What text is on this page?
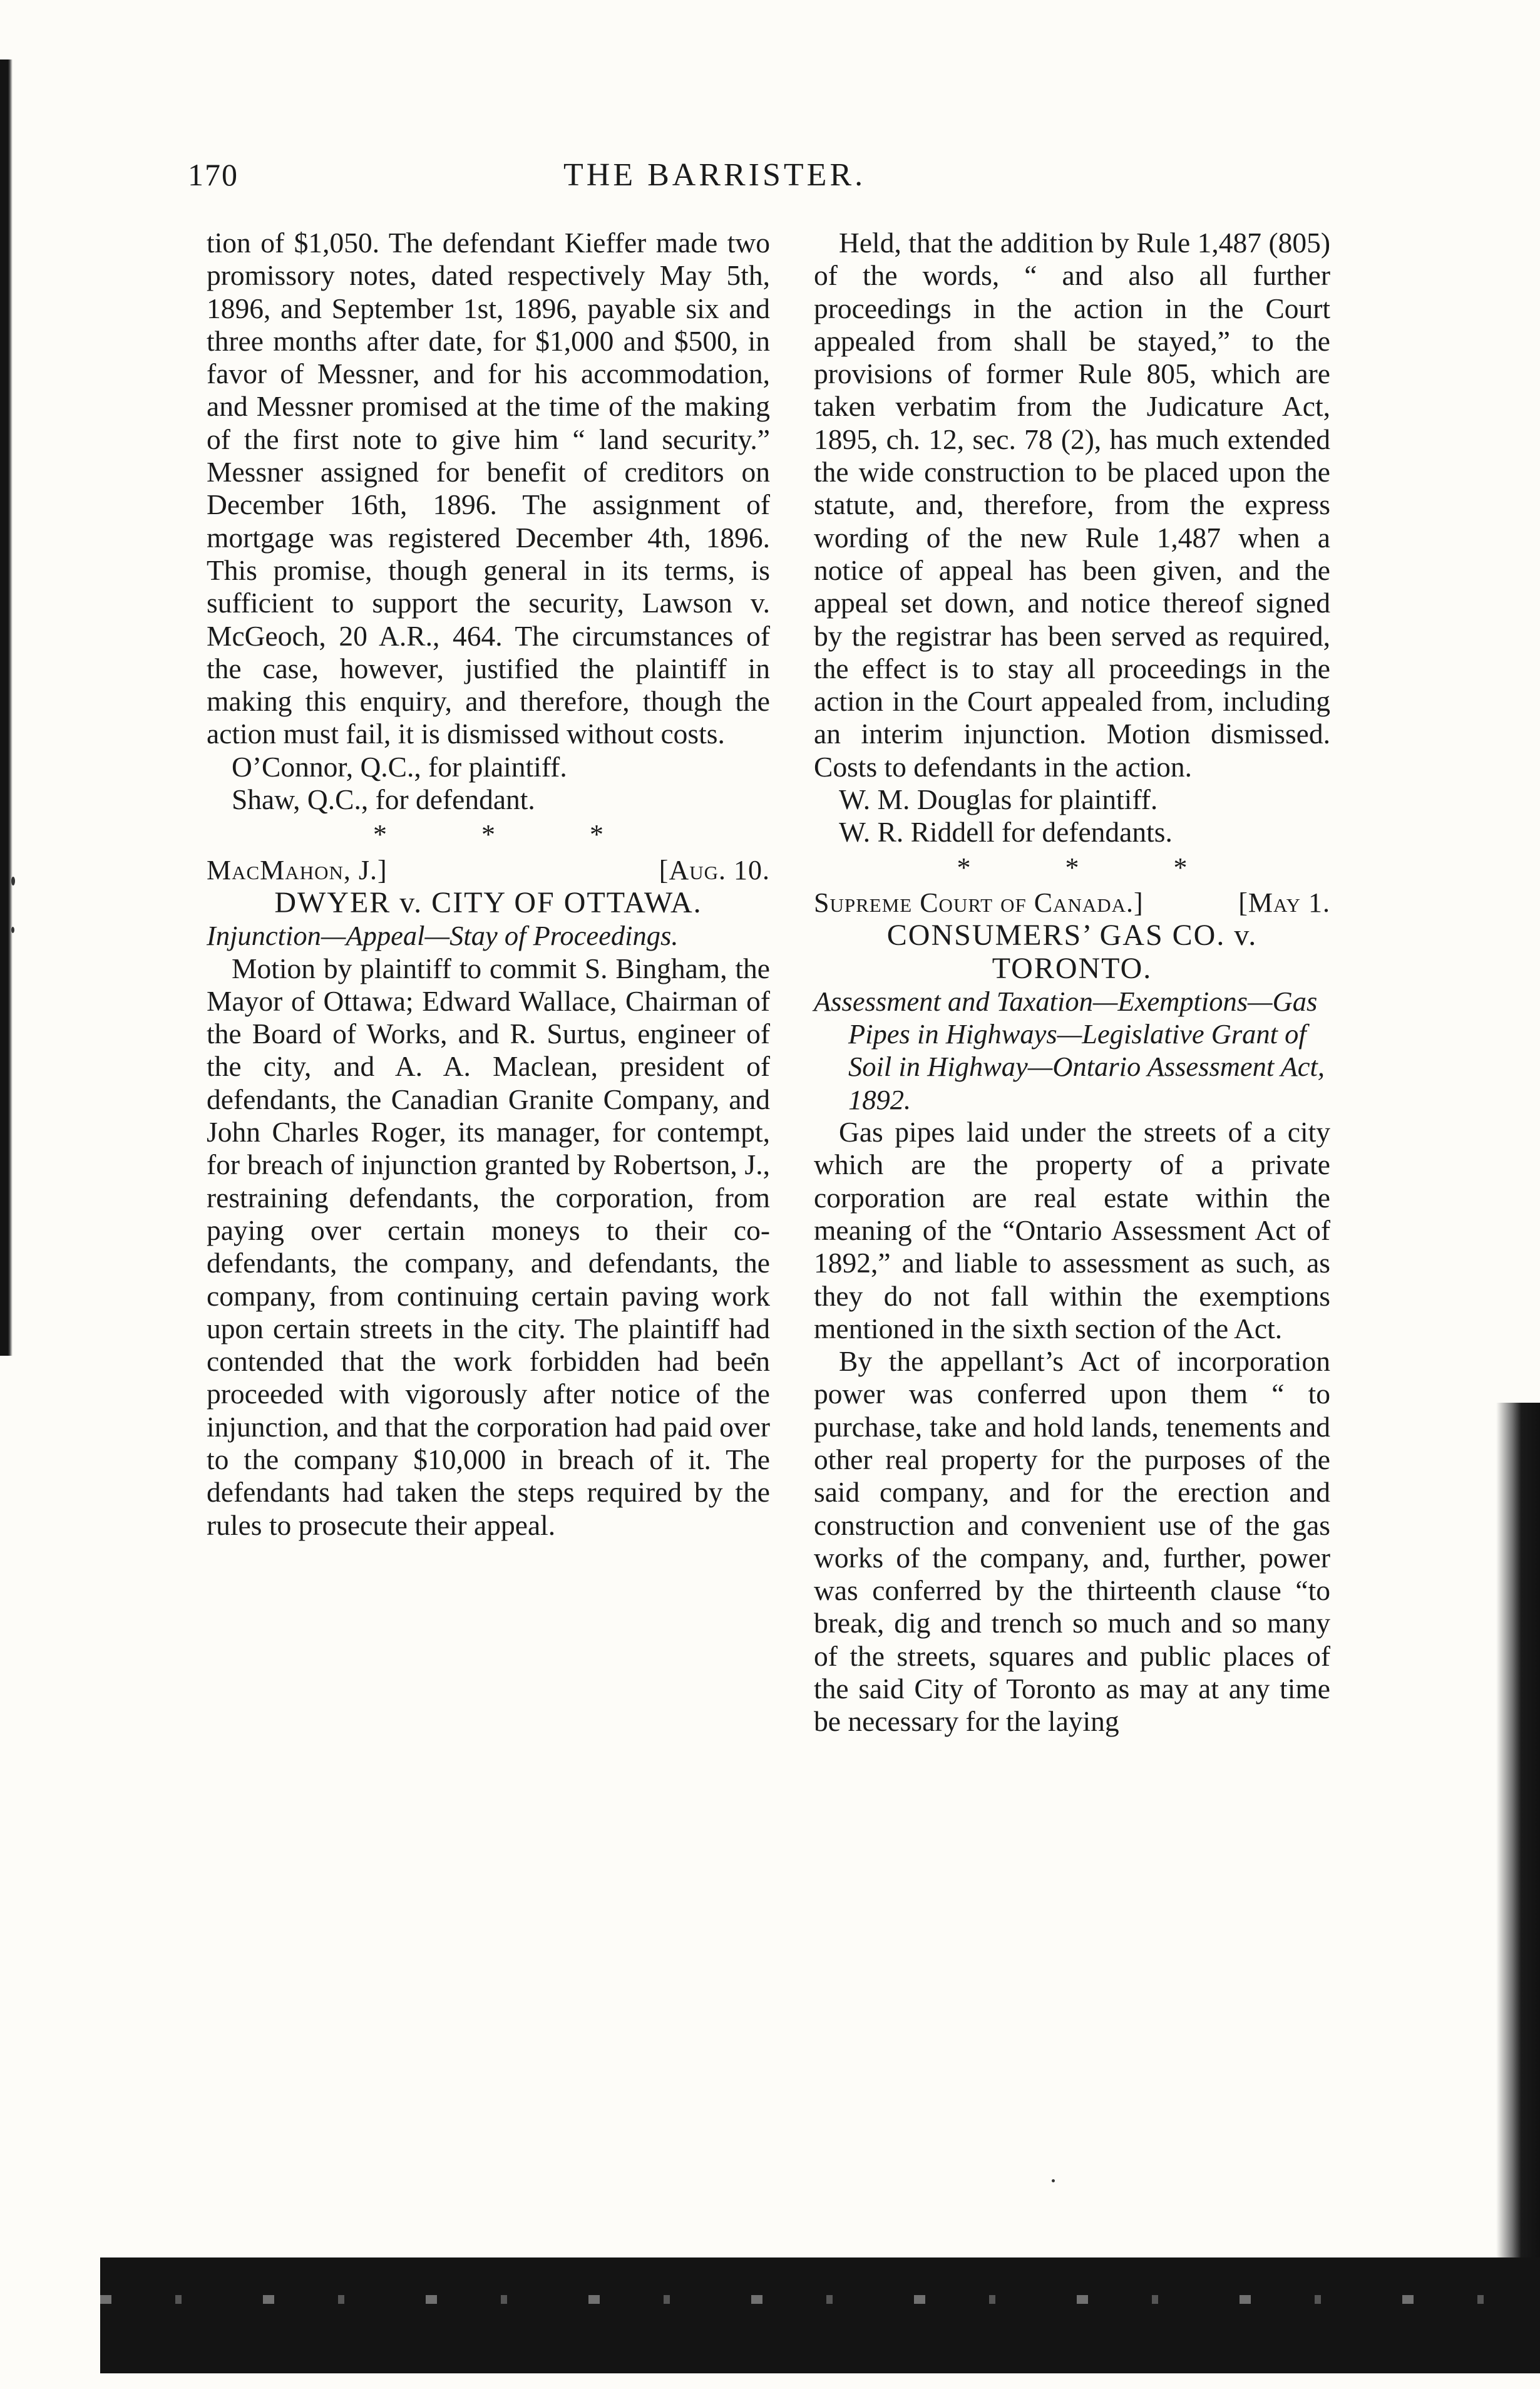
170	THE BARRISTER.

tion of $1,050. The defendant Kieffer made two promissory notes, dated respectively May 5th, 1896, and September 1st, 1896, payable six and three months after date, for $1,000 and $500, in favor of Messner, and for his accommodation, and Messner promised at the time of the making of the first note to give him “ land security.” Messner assigned for benefit of creditors on December 16th, 1896. The assignment of mortgage was registered December 4th, 1896. This promise, though general in its terms, is sufficient to support the security, Lawson v. McGeoch, 20 A.R., 464. The circumstances of the case, however, justified the plaintiff in making this enquiry, and therefore, though the action must fail, it is dismissed without costs.

O’Connor, Q.C., for plaintiff.

Shaw, Q.C., for defendant.

* * *

MacMahon, J.]	[Aug. 10.

DWYER v. CITY OF OTTAWA.

Injunction—Appeal—Stay of Proceedings.

Motion by plaintiff to commit S. Bingham, the Mayor of Ottawa; Edward Wallace, Chairman of the Board of Works, and R. Surtus, engineer of the city, and A. A. Maclean, president of defendants, the Canadian Granite Company, and John Charles Roger, its manager, for contempt, for breach of injunction granted by Robertson, J., restraining defendants, the corporation, from paying over certain moneys to their co-defendants, the company, and defendants, the company, from continuing certain paving work upon certain streets in the city. The plaintiff had contended that the work forbidden had been proceeded with vigorously after notice of the injunction, and that the corporation had paid over to the company $10,000 in breach of it. The defendants had taken the steps required by the rules to prosecute their appeal.

Held, that the addition by Rule 1,487 (805) of the words, “ and also all further proceedings in the action in the Court appealed from shall be stayed,” to the provisions of former Rule 805, which are taken verbatim from the Judicature Act, 1895, ch. 12, sec. 78 (2), has much extended the wide construction to be placed upon the statute, and, therefore, from the express wording of the new Rule 1,487 when a notice of appeal has been given, and the appeal set down, and notice thereof signed by the registrar has been served as required, the effect is to stay all proceedings in the action in the Court appealed from, including an interim injunction. Motion dismissed. Costs to defendants in the action.

W. M. Douglas for plaintiff.

W. R. Riddell for defendants.

* * *

Supreme Court of Canada.]	[May 1.

CONSUMERS’ GAS CO. v.

TORONTO.

Assessment and Taxation—Exemptions—Gas Pipes in Highways—Legislative Grant of Soil in Highway—Ontario Assessment Act, 1892.

Gas pipes laid under the streets of a city which are the property of a private corporation are real estate within the meaning of the “Ontario Assessment Act of 1892,” and liable to assessment as such, as they do not fall within the exemptions mentioned in the sixth section of the Act.

By the appellant’s Act of incorporation power was conferred upon them “ to purchase, take and hold lands, tenements and other real property for the purposes of the said company, and for the erection and construction and convenient use of the gas works of the company, and, further, power was conferred by the thirteenth clause “to break, dig and trench so much and so many of the streets, squares and public places of the said City of Toronto as may at any time be necessary for the laying
